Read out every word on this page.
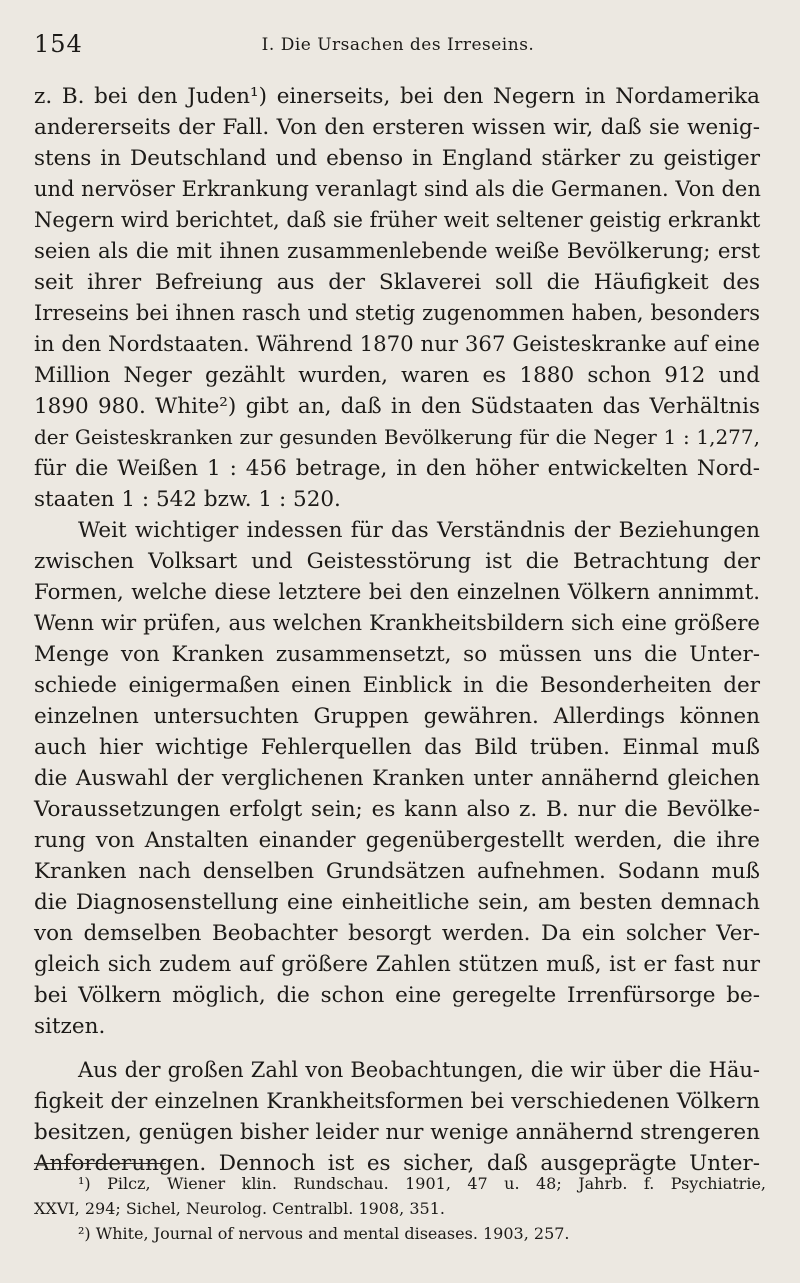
154	I. Die Ursachen des Irreseins.
z. B. bei den Juden¹) einerseits, bei den Negern in Nordamerika
andererseits der Fall. Von den ersteren wissen wir, daß sie wenig-
stens in Deutschland und ebenso in England stärker zu geistiger
und nervöser Erkrankung veranlagt sind als die Germanen. Von den
Negern wird berichtet, daß sie früher weit seltener geistig erkrankt
seien als die mit ihnen zusammenlebende weiße Bevölkerung; erst
seit ihrer Befreiung aus der Sklaverei soll die Häufigkeit des
Irreseins bei ihnen rasch und stetig zugenommen haben, besonders
in den Nordstaaten. Während 1870 nur 367 Geisteskranke auf eine
Million Neger gezählt wurden, waren es 1880 schon 912 und
1890 980. White²) gibt an, daß in den Südstaaten das Verhältnis
der Geisteskranken zur gesunden Bevölkerung für die Neger 1 : 1,277,
für die Weißen 1 : 456 betrage, in den höher entwickelten Nord-
staaten 1 : 542 bzw. 1 : 520.
Weit wichtiger indessen für das Verständnis der Beziehungen
zwischen Volksart und Geistesstörung ist die Betrachtung der
Formen, welche diese letztere bei den einzelnen Völkern annimmt.
Wenn wir prüfen, aus welchen Krankheitsbildern sich eine größere
Menge von Kranken zusammensetzt, so müssen uns die Unter-
schiede einigermaßen einen Einblick in die Besonderheiten der
einzelnen untersuchten Gruppen gewähren. Allerdings können
auch hier wichtige Fehlerquellen das Bild trüben. Einmal muß
die Auswahl der verglichenen Kranken unter annähernd gleichen
Voraussetzungen erfolgt sein; es kann also z. B. nur die Bevölke-
rung von Anstalten einander gegenübergestellt werden, die ihre
Kranken nach denselben Grundsätzen aufnehmen. Sodann muß
die Diagnosenstellung eine einheitliche sein, am besten demnach
von demselben Beobachter besorgt werden. Da ein solcher Ver-
gleich sich zudem auf größere Zahlen stützen muß, ist er fast nur
bei Völkern möglich, die schon eine geregelte Irrenfürsorge be-
sitzen.
Aus der großen Zahl von Beobachtungen, die wir über die Häu-
figkeit der einzelnen Krankheitsformen bei verschiedenen Völkern
besitzen, genügen bisher leider nur wenige annähernd strengeren
Anforderungen. Dennoch ist es sicher, daß ausgeprägte Unter-
¹) Pilcz, Wiener klin. Rundschau. 1901, 47 u. 48; Jahrb. f. Psychiatrie,
XXVI, 294; Sichel, Neurolog. Centralbl. 1908, 351.
²) White, Journal of nervous and mental diseases. 1903, 257.
